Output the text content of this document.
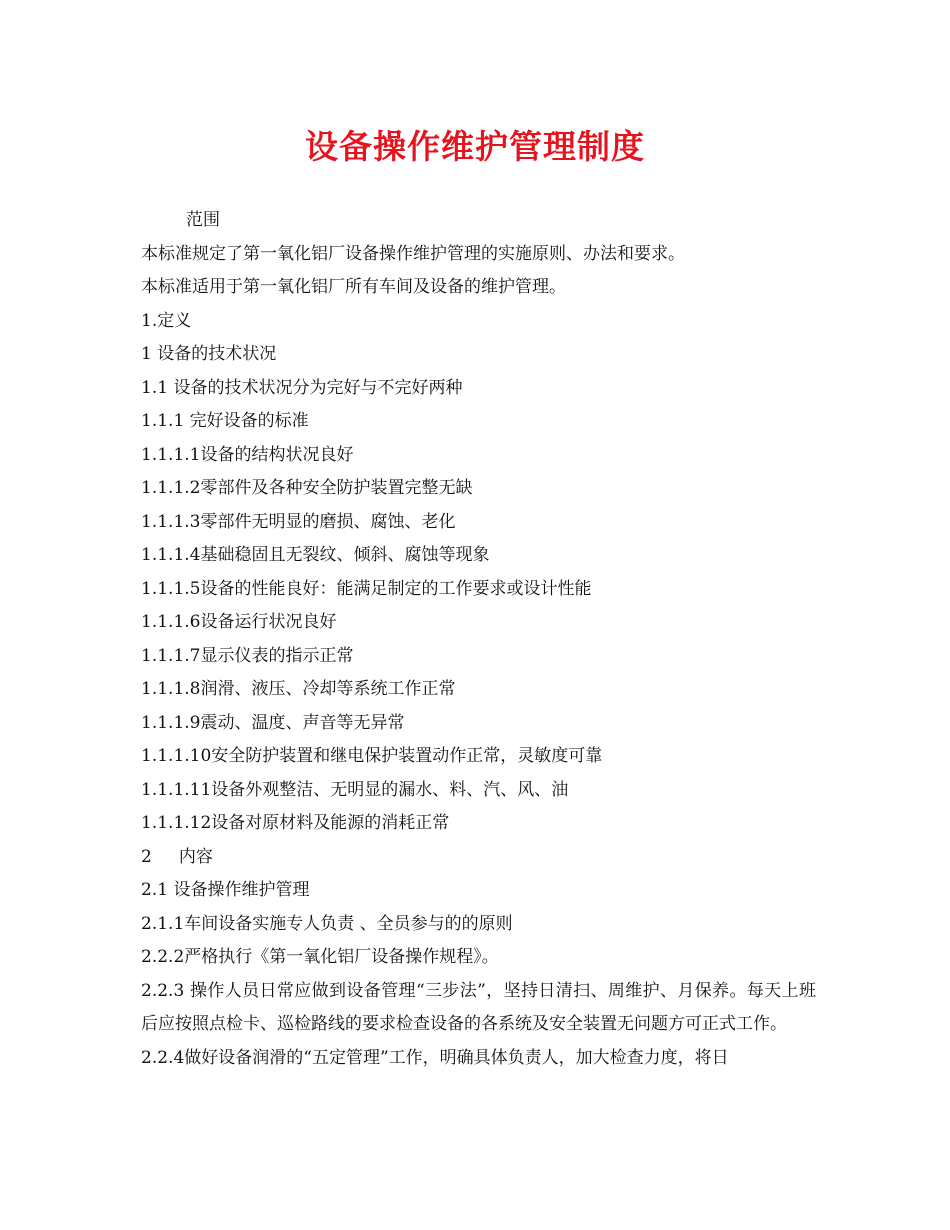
设备操作维护管理制度
范围
本标准规定了第一氧化铝厂设备操作维护管理的实施原则、办法和要求。
本标准适用于第一氧化铝厂所有车间及设备的维护管理。
1.定义
1 设备的技术状况
1.1 设备的技术状况分为完好与不完好两种
1.1.1 完好设备的标准
1.1.1.1设备的结构状况良好
1.1.1.2零部件及各种安全防护装置完整无缺
1.1.1.3零部件无明显的磨损、腐蚀、老化
1.1.1.4基础稳固且无裂纹、倾斜、腐蚀等现象
1.1.1.5设备的性能良好：能满足制定的工作要求或设计性能
1.1.1.6设备运行状况良好
1.1.1.7显示仪表的指示正常
1.1.1.8润滑、液压、冷却等系统工作正常
1.1.1.9震动、温度、声音等无异常
1.1.1.10安全防护装置和继电保护装置动作正常，灵敏度可靠
1.1.1.11设备外观整洁、无明显的漏水、料、汽、风、油
1.1.1.12设备对原材料及能源的消耗正常
2     内容
2.1 设备操作维护管理
2.1.1车间设备实施专人负责 、全员参与的的原则
2.2.2严格执行《第一氧化铝厂设备操作规程》。
2.2.3 操作人员日常应做到设备管理“三步法”，坚持日清扫、周维护、月保养。每天上班后应按照点检卡、巡检路线的要求检查设备的各系统及安全装置无问题方可正式工作。
2.2.4做好设备润滑的“五定管理”工作，明确具体负责人，加大检查力度，将日
